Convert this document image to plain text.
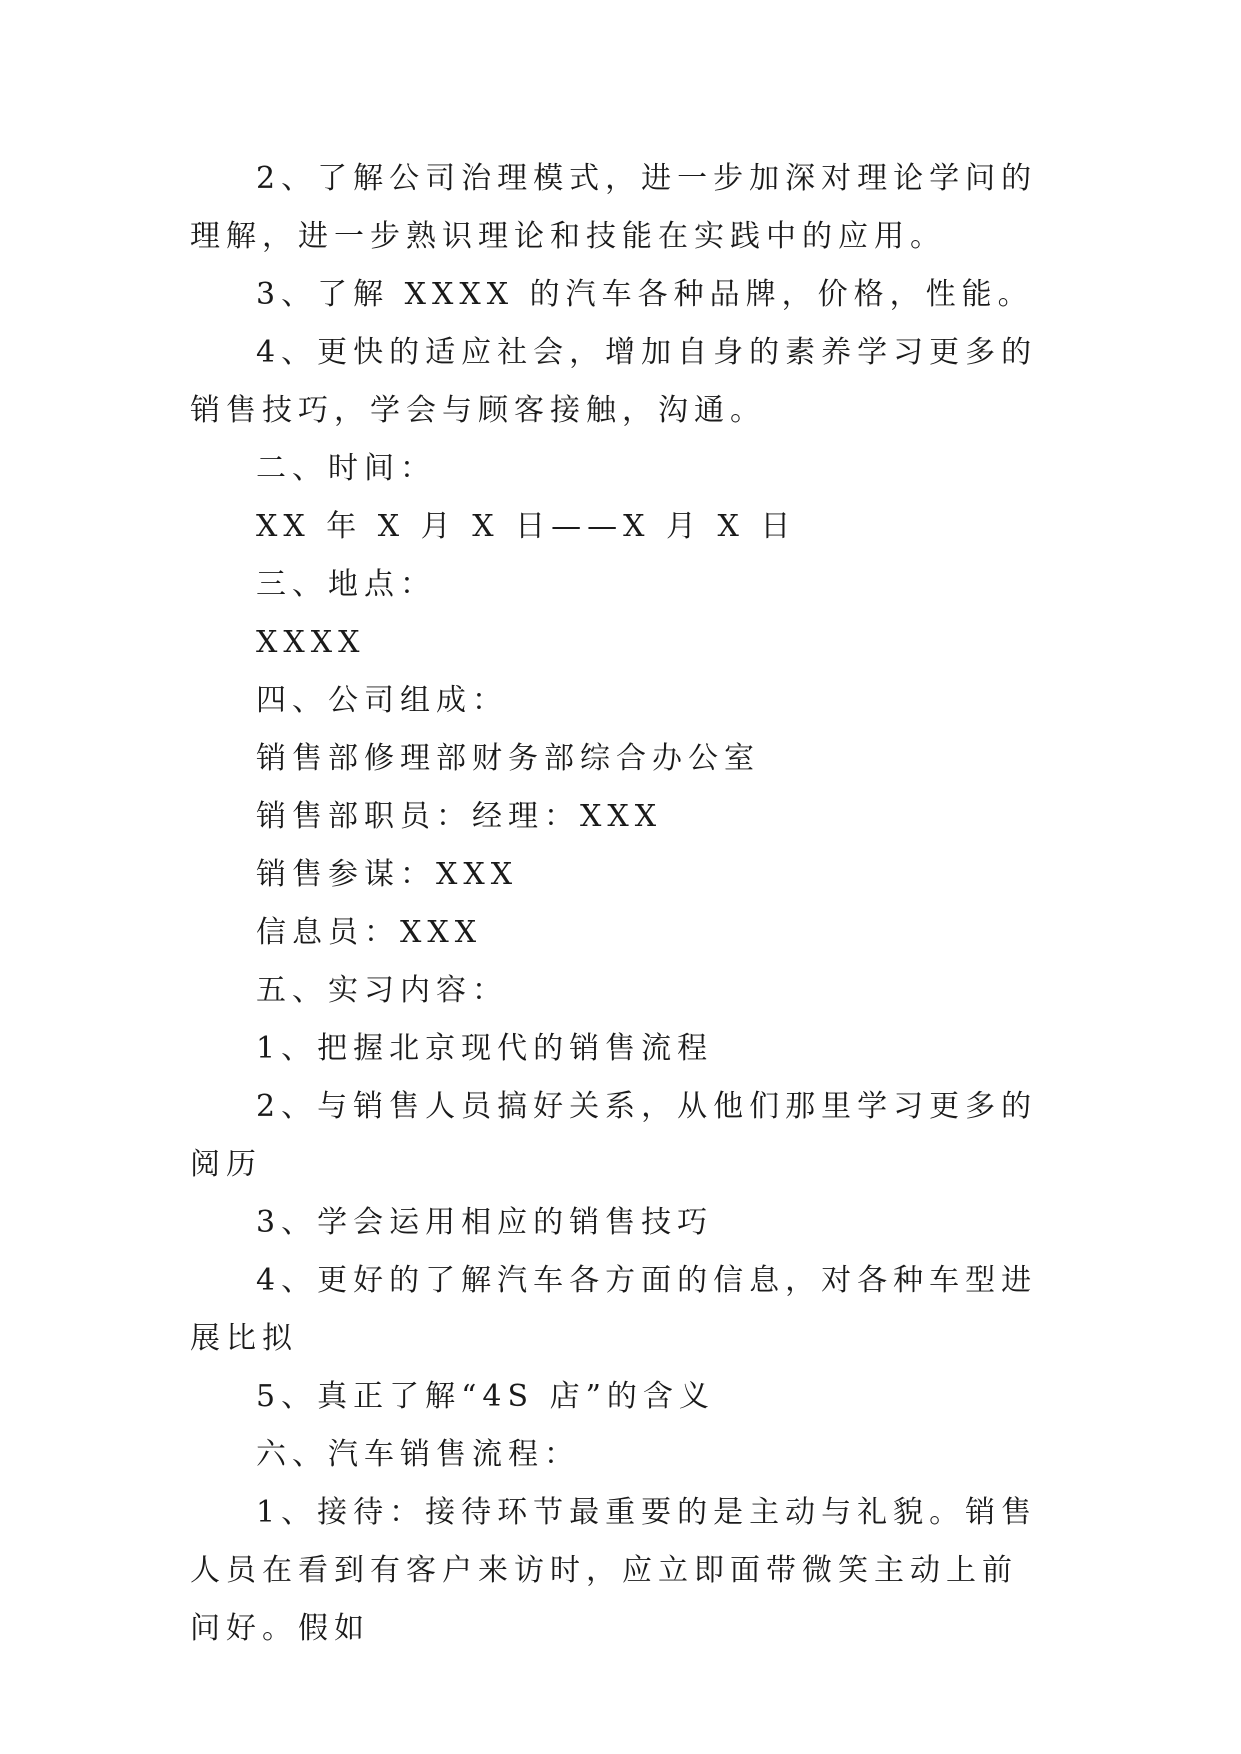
2、了解公司治理模式，进一步加深对理论学问的理解，进一步熟识理论和技能在实践中的应用。

3、了解 XXXX 的汽车各种品牌，价格，性能。

4、更快的适应社会，增加自身的素养学习更多的销售技巧，学会与顾客接触，沟通。

二、时间：

XX 年 X 月 X 日——X 月 X 日

三、地点：

XXXX

四、公司组成：

销售部修理部财务部综合办公室

销售部职员：经理：XXX

销售参谋：XXX

信息员：XXX

五、实习内容：

1、把握北京现代的销售流程

2、与销售人员搞好关系，从他们那里学习更多的阅历

3、学会运用相应的销售技巧

4、更好的了解汽车各方面的信息，对各种车型进展比拟

5、真正了解“4S 店”的含义

六、汽车销售流程：

1、接待：接待环节最重要的是主动与礼貌。销售人员在看到有客户来访时，应立即面带微笑主动上前问好。假如
